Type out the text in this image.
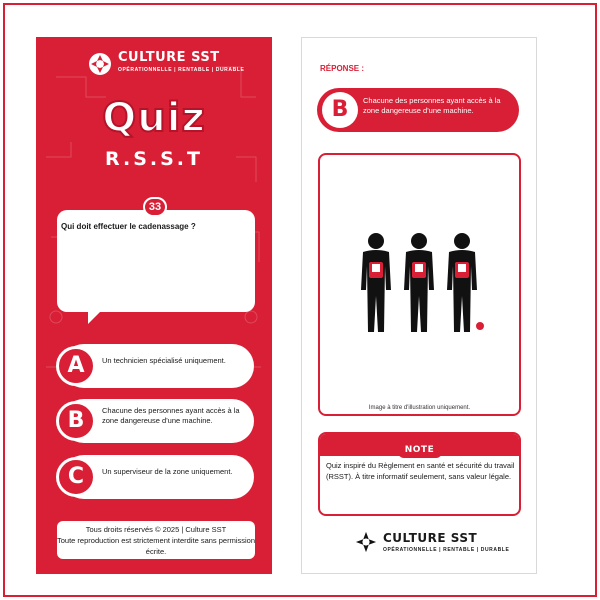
CULTURE SST
OPÉRATIONNELLE | RENTABLE | DURABLE
Quiz
R.S.S.T
33
Qui doit effectuer le cadenassage ?
A	Un technicien spécialisé uniquement.
B	Chacune des personnes ayant accès à la zone dangereuse d'une machine.
C	Un superviseur de la zone uniquement.
Tous droits réservés © 2025 | Culture SST
Toute reproduction est strictement interdite sans permission écrite.
RÉPONSE :
B	Chacune des personnes ayant accès à la zone dangereuse d'une machine.
Image à titre d'illustration uniquement.
NOTE
Quiz inspiré du Règlement en santé et sécurité du travail (RSST). À titre informatif seulement, sans valeur légale.
CULTURE SST
OPÉRATIONNELLE | RENTABLE | DURABLE
